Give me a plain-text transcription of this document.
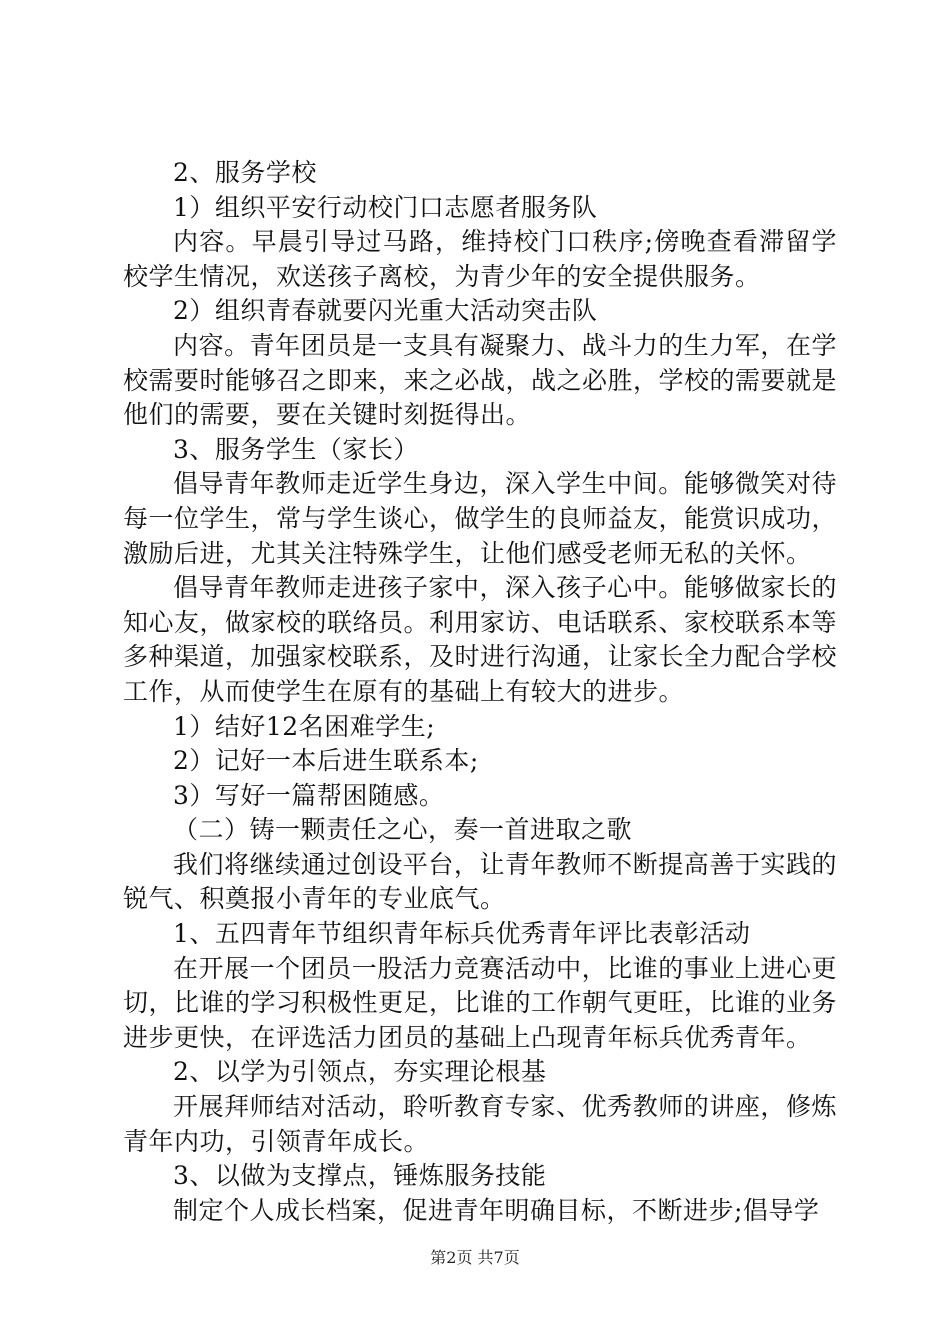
2、服务学校

1）组织平安行动校门口志愿者服务队

内容。早晨引导过马路，维持校门口秩序;傍晚查看滞留学校学生情况，欢送孩子离校，为青少年的安全提供服务。

2）组织青春就要闪光重大活动突击队

内容。青年团员是一支具有凝聚力、战斗力的生力军，在学校需要时能够召之即来，来之必战，战之必胜，学校的需要就是他们的需要，要在关键时刻挺得出。

3、服务学生（家长）

倡导青年教师走近学生身边，深入学生中间。能够微笑对待每一位学生，常与学生谈心，做学生的良师益友，能赏识成功，激励后进，尤其关注特殊学生，让他们感受老师无私的关怀。

倡导青年教师走进孩子家中，深入孩子心中。能够做家长的知心友，做家校的联络员。利用家访、电话联系、家校联系本等多种渠道，加强家校联系，及时进行沟通，让家长全力配合学校工作，从而使学生在原有的基础上有较大的进步。

1）结好12名困难学生;

2）记好一本后进生联系本;

3）写好一篇帮困随感。

（二）铸一颗责任之心，奏一首进取之歌

我们将继续通过创设平台，让青年教师不断提高善于实践的锐气、积奠报小青年的专业底气。

1、五四青年节组织青年标兵优秀青年评比表彰活动

在开展一个团员一股活力竞赛活动中，比谁的事业上进心更切，比谁的学习积极性更足，比谁的工作朝气更旺，比谁的业务进步更快，在评选活力团员的基础上凸现青年标兵优秀青年。

2、以学为引领点，夯实理论根基

开展拜师结对活动，聆听教育专家、优秀教师的讲座，修炼青年内功，引领青年成长。

3、以做为支撑点，锤炼服务技能

制定个人成长档案，促进青年明确目标，不断进步;倡导学

第2页 共7页
